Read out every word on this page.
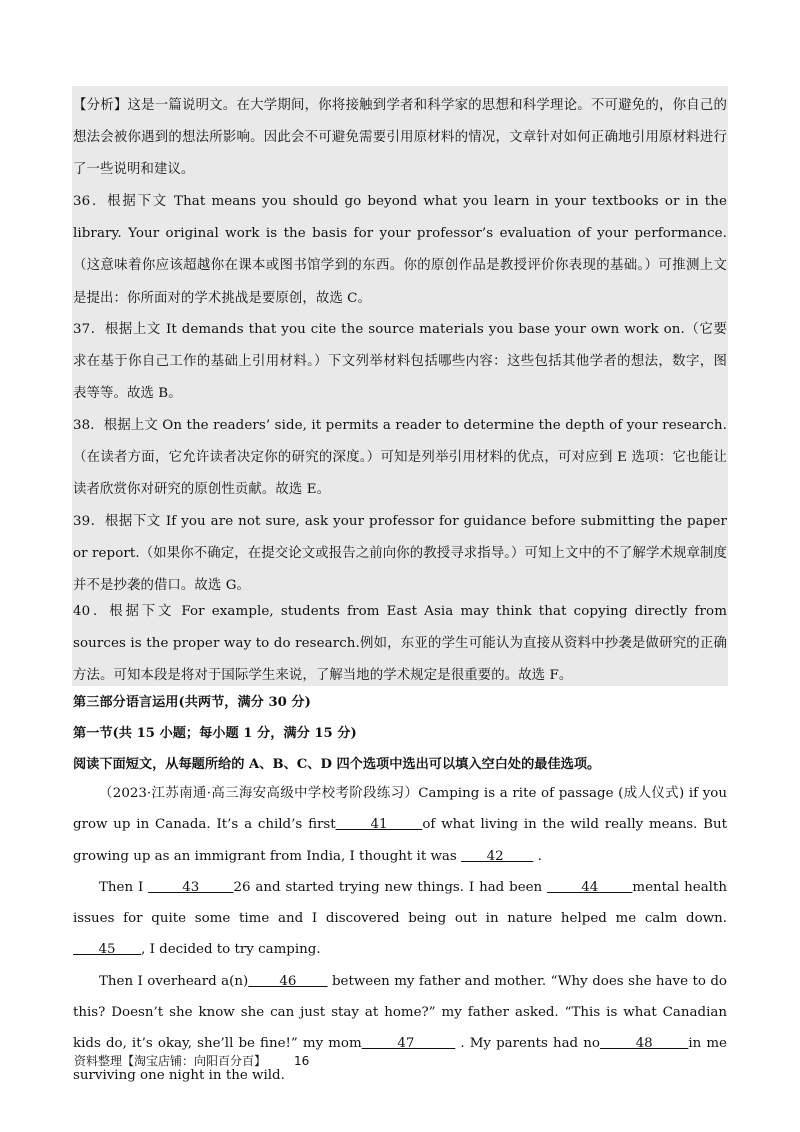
【分析】这是一篇说明文。在大学期间，你将接触到学者和科学家的思想和科学理论。不可避免的，你自己的想法会被你遇到的想法所影响。因此会不可避免需要引用原材料的情况，文章针对如何正确地引用原材料进行了一些说明和建议。
36．根据下文 That means you should go beyond what you learn in your textbooks or in the library. Your original work is the basis for your professor’s evaluation of your performance.（这意味着你应该超越你在课本或图书馆学到的东西。你的原创作品是教授评价你表现的基础。）可推测上文是提出：你所面对的学术挑战是要原创，故选 C。
37．根据上文 It demands that you cite the source materials you base your own work on.（它要求在基于你自己工作的基础上引用材料。）下文列举材料包括哪些内容：这些包括其他学者的想法，数字，图表等等。故选 B。
38．根据上文 On the readers’ side, it permits a reader to determine the depth of your research.（在读者方面，它允许读者决定你的研究的深度。）可知是列举引用材料的优点，可对应到 E 选项：它也能让读者欣赏你对研究的原创性贡献。故选 E。
39．根据下文 If you are not sure, ask your professor for guidance before submitting the paper or report.（如果你不确定，在提交论文或报告之前向你的教授寻求指导。）可知上文中的不了解学术规章制度并不是抄袭的借口。故选 G。
40．根据下文 For example, students from East Asia may think that copying directly from sources is the proper way to do research.例如，东亚的学生可能认为直接从资料中抄袭是做研究的正确方法。可知本段是将对于国际学生来说，了解当地的学术规定是很重要的。故选 F。
第三部分语言运用(共两节，满分 30 分)
第一节(共 15 小题；每小题 1 分，满分 15 分)
阅读下面短文，从每题所给的 A、B、C、D 四个选项中选出可以填入空白处的最佳选项。

（2023·江苏南通·高三海安高级中学校考阶段练习）Camping is a rite of passage (成人仪式) if you grow up in Canada. It’s a child’s first      41      of what living in the wild really means. But growing up as an immigrant from India, I thought it was       42        .

Then I        43       26 and started trying new things. I had been        44       mental health issues for quite some time and I discovered being out in nature helped me calm down.      45      , I decided to try camping.

Then I overheard a(n)       46        between my father and mother. “Why does she have to do this? Doesn’t she know she can just stay at home?” my father asked. “This is what Canadian kids do, it’s okay, she’ll be fine!” my mom       47         . My parents had no       48       in me surviving one night in the wild.

资料整理【淘宝店铺：向阳百分百】 16
